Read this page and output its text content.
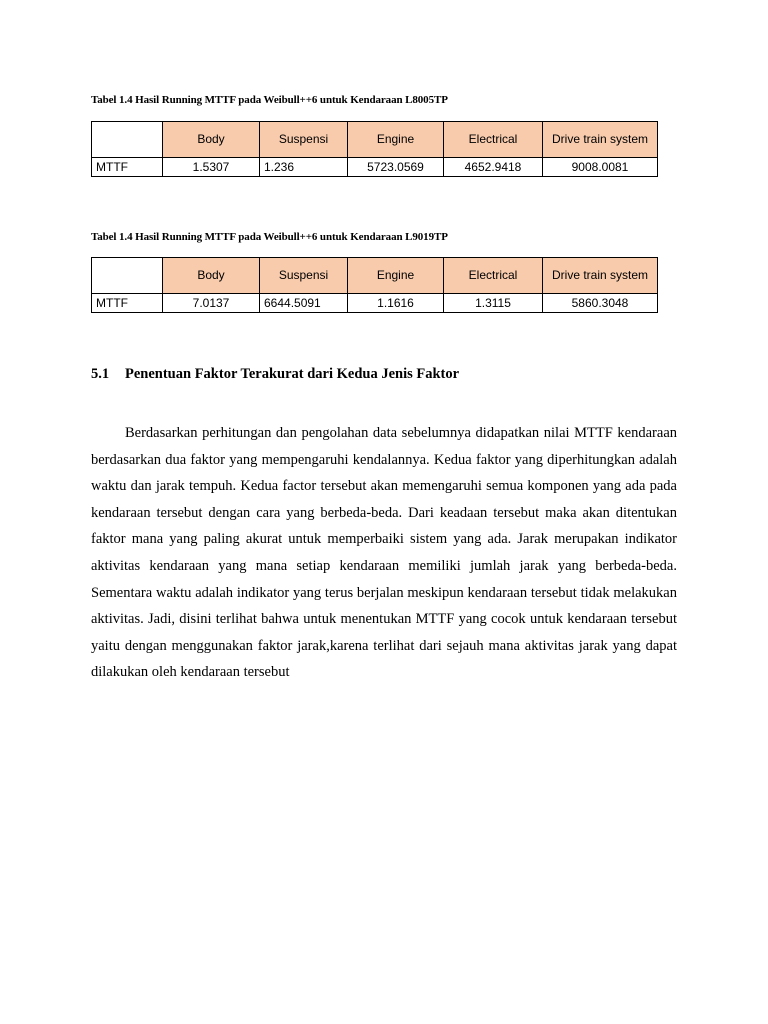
Tabel 1.4 Hasil Running MTTF pada Weibull++6 untuk Kendaraan L8005TP
	Body	Suspensi	Engine	Electrical	Drive train system
MTTF	1.5307	1.236	5723.0569	4652.9418	9008.0081
Tabel 1.4 Hasil Running MTTF pada Weibull++6 untuk Kendaraan L9019TP
	Body	Suspensi	Engine	Electrical	Drive train system
MTTF	7.0137	6644.5091	1.1616	1.3115	5860.3048
5.1 Penentuan Faktor Terakurat dari Kedua Jenis Faktor

Berdasarkan perhitungan dan pengolahan data sebelumnya didapatkan nilai MTTF kendaraan berdasarkan dua faktor yang mempengaruhi kendalannya. Kedua faktor yang diperhitungkan adalah waktu dan jarak tempuh. Kedua factor tersebut akan memengaruhi semua komponen yang ada pada kendaraan tersebut dengan cara yang berbeda-beda. Dari keadaan tersebut maka akan ditentukan faktor mana yang paling akurat untuk memperbaiki sistem yang ada. Jarak merupakan indikator aktivitas kendaraan yang mana setiap kendaraan memiliki jumlah jarak yang berbeda-beda. Sementara waktu adalah indikator yang terus berjalan meskipun kendaraan tersebut tidak melakukan aktivitas. Jadi, disini terlihat bahwa untuk menentukan MTTF yang cocok untuk kendaraan tersebut yaitu dengan menggunakan faktor jarak,karena terlihat dari sejauh mana aktivitas jarak yang dapat dilakukan oleh kendaraan tersebut
